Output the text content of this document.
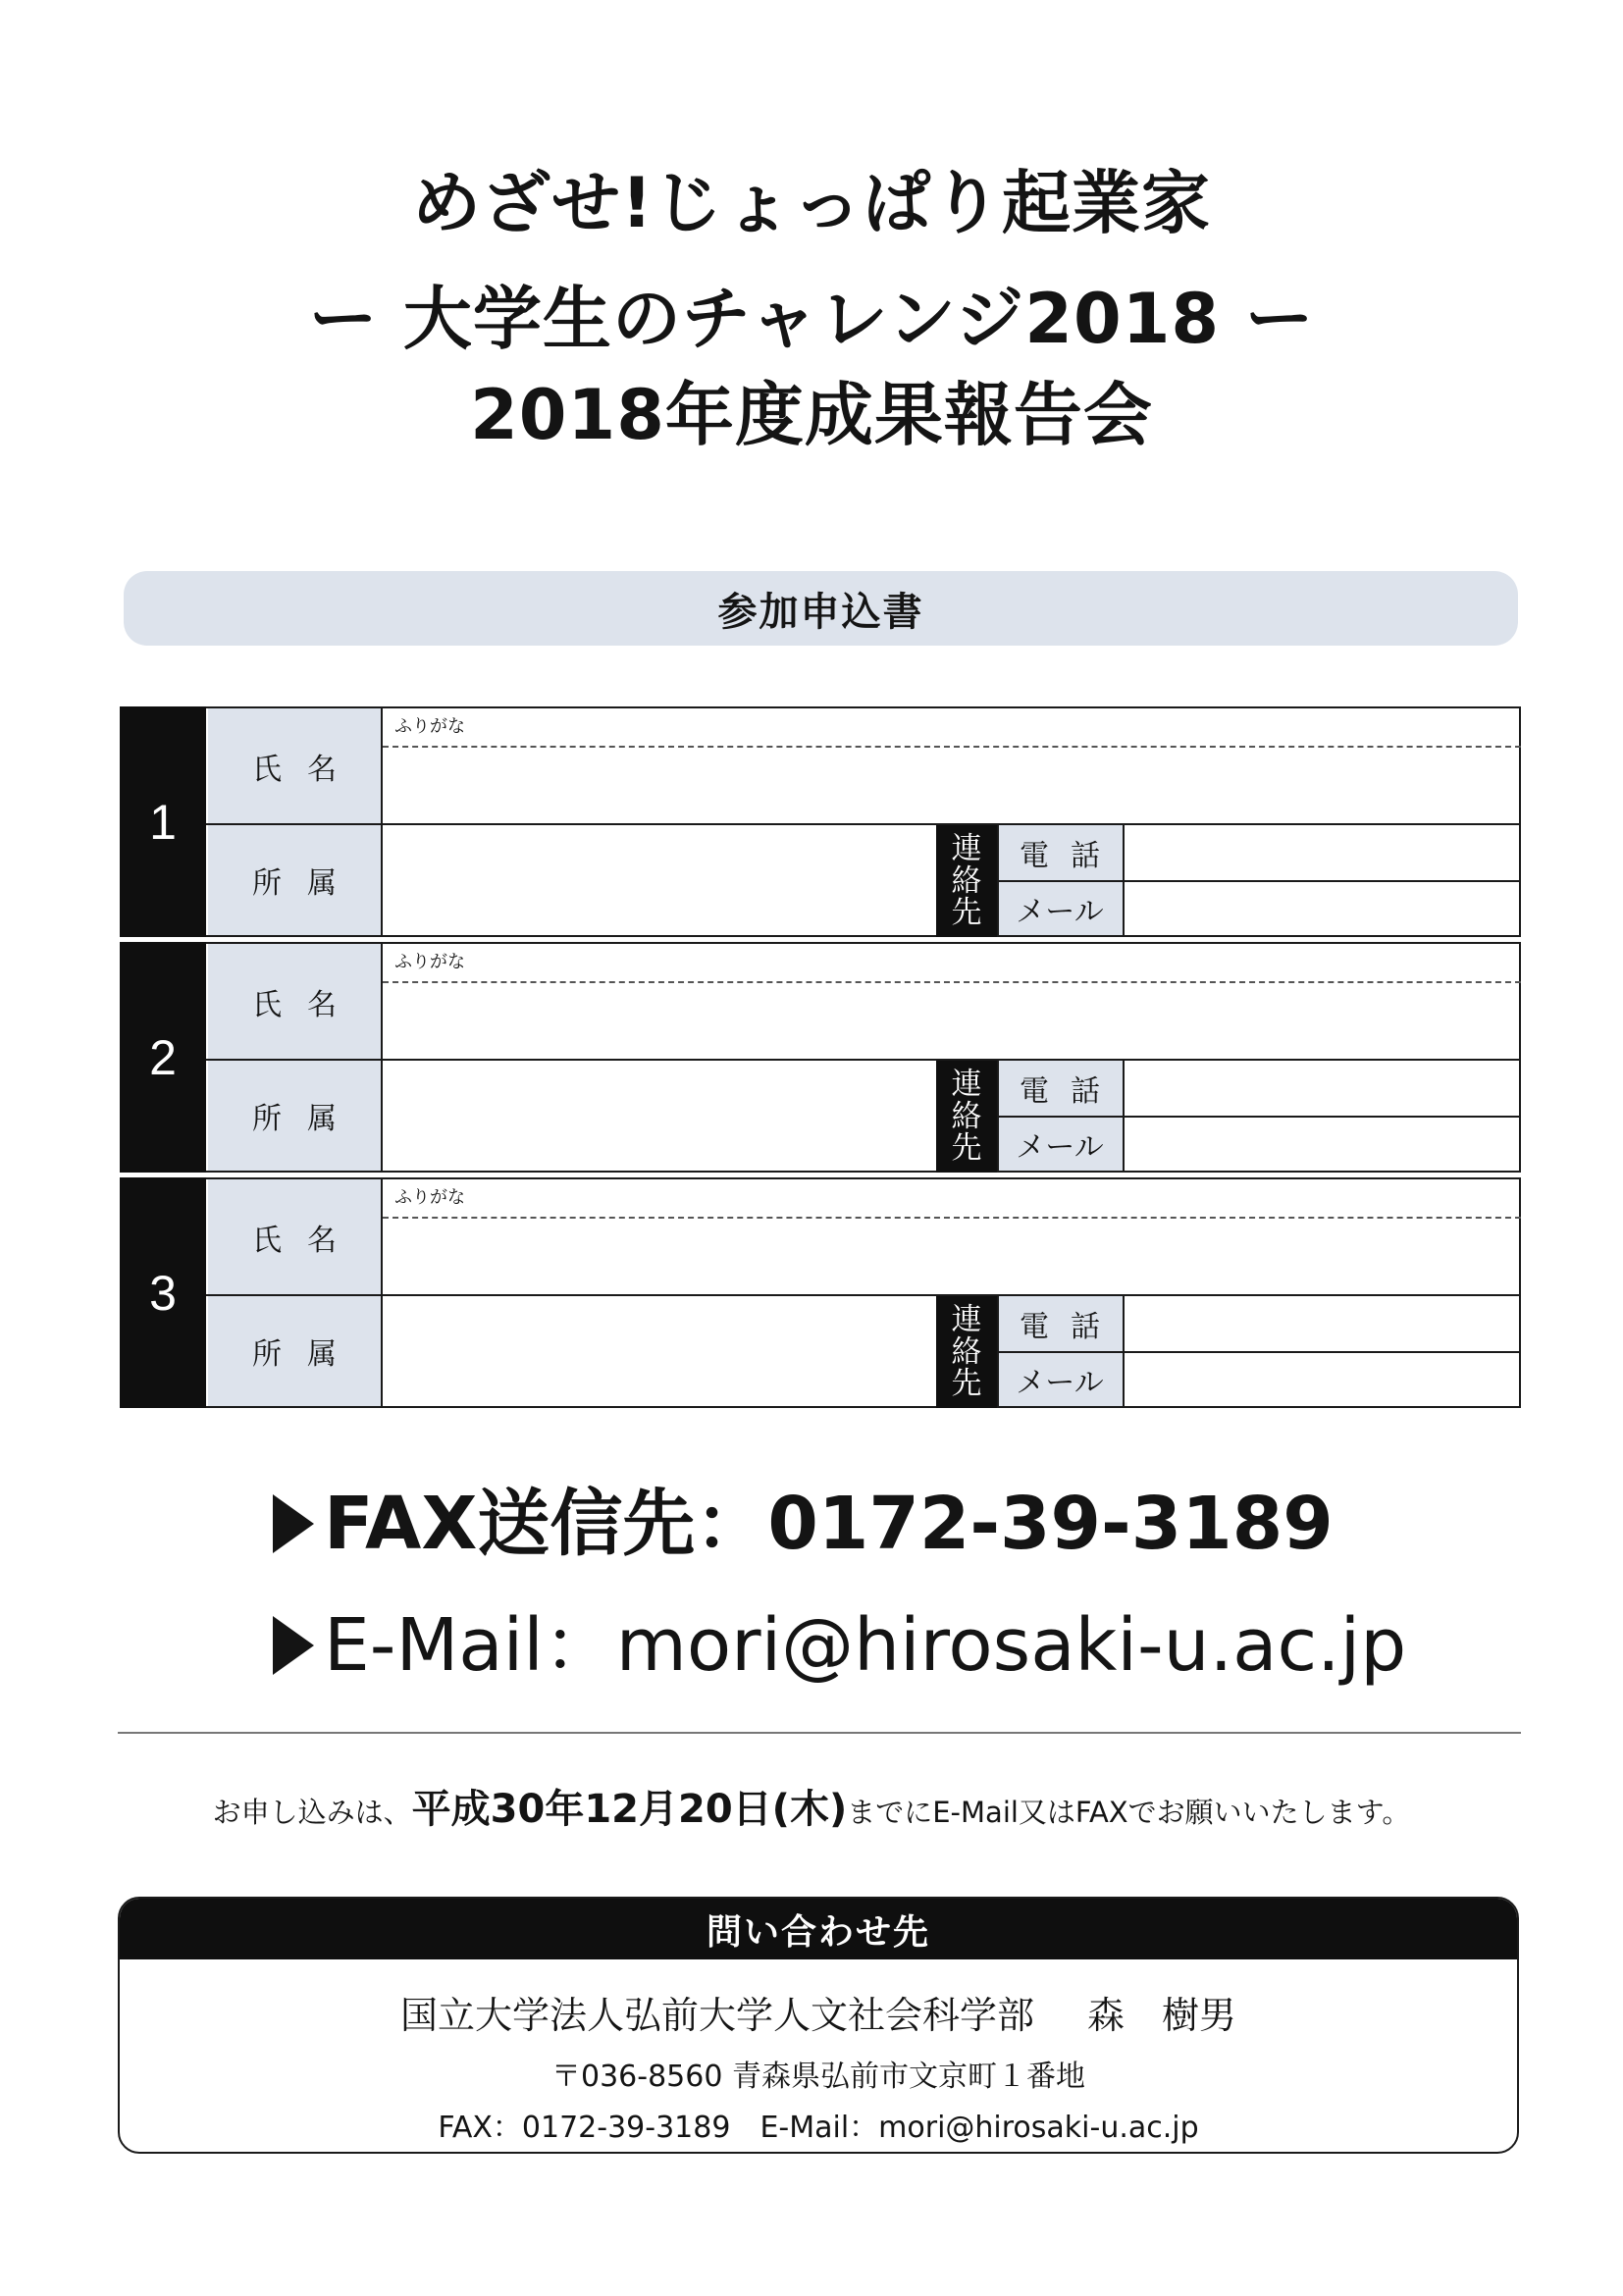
めざせ!じょっぱり起業家
ー 大学生のチャレンジ2018 ー
2018年度成果報告会
参加申込書
1
氏名
所属
ふりがな
連
絡
先
電話
メール
2
氏名
所属
ふりがな
連
絡
先
電話
メール
3
氏名
所属
ふりがな
連
絡
先
電話
メール
FAX送信先： 0172-39-3189
E-Mail： mori@hirosaki-u.ac.jp
お申し込みは、平成30年12月20日(木)までにE-Mail又はFAXでお願いいたします。
問い合わせ先
国立大学法人弘前大学人文社会科学部 森　樹男
〒036-8560 青森県弘前市文京町１番地
FAX：0172-39-3189 E-Mail：mori@hirosaki-u.ac.jp
